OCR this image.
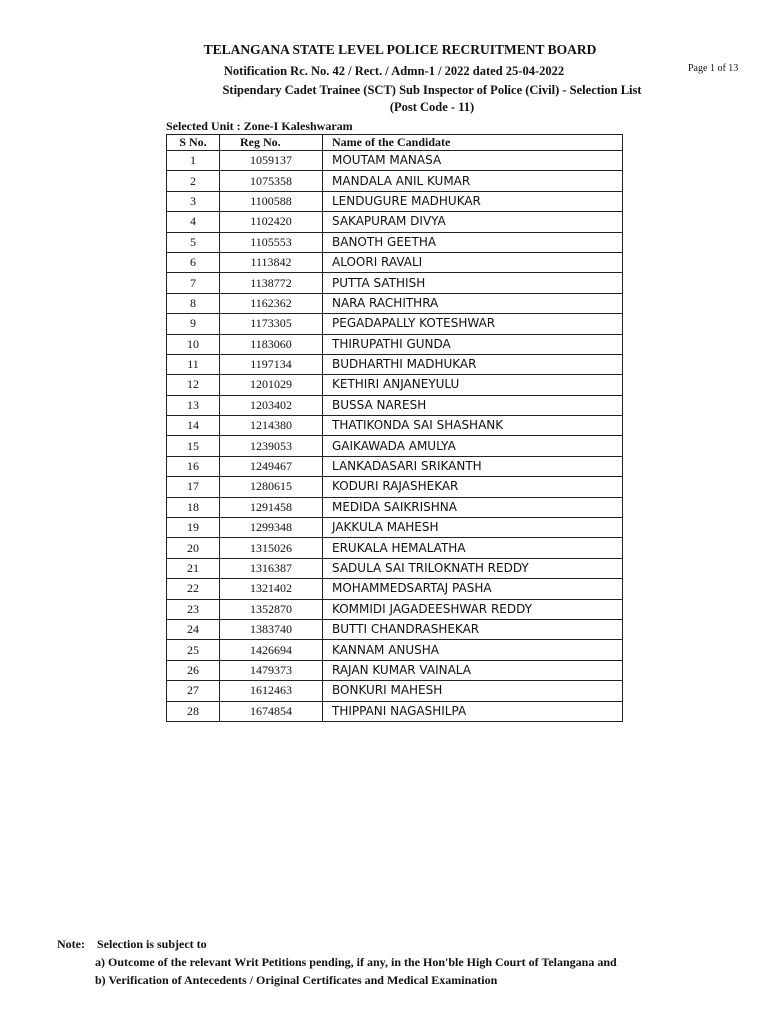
TELANGANA STATE LEVEL POLICE RECRUITMENT BOARD
Notification Rc. No. 42 / Rect. / Admn-1 / 2022 dated 25-04-2022	Page 1 of 13
Stipendary Cadet Trainee (SCT) Sub Inspector of Police (Civil) - Selection List
(Post Code - 11)
Selected Unit : Zone-I Kaleshwaram
S No.	Reg No.	Name of the Candidate
1	1059137	MOUTAM MANASA
2	1075358	MANDALA ANIL KUMAR
3	1100588	LENDUGURE MADHUKAR
4	1102420	SAKAPURAM DIVYA
5	1105553	BANOTH GEETHA
6	1113842	ALOORI RAVALI
7	1138772	PUTTA SATHISH
8	1162362	NARA RACHITHRA
9	1173305	PEGADAPALLY KOTESHWAR
10	1183060	THIRUPATHI GUNDA
11	1197134	BUDHARTHI MADHUKAR
12	1201029	KETHIRI ANJANEYULU
13	1203402	BUSSA NARESH
14	1214380	THATIKONDA SAI SHASHANK
15	1239053	GAIKAWADA AMULYA
16	1249467	LANKADASARI SRIKANTH
17	1280615	KODURI RAJASHEKAR
18	1291458	MEDIDA SAIKRISHNA
19	1299348	JAKKULA MAHESH
20	1315026	ERUKALA HEMALATHA
21	1316387	SADULA SAI TRILOKNATH REDDY
22	1321402	MOHAMMEDSARTAJ PASHA
23	1352870	KOMMIDI JAGADEESHWAR REDDY
24	1383740	BUTTI CHANDRASHEKAR
25	1426694	KANNAM ANUSHA
26	1479373	RAJAN KUMAR VAINALA
27	1612463	BONKURI MAHESH
28	1674854	THIPPANI NAGASHILPA
Note: Selection is subject to
a) Outcome of the relevant Writ Petitions pending, if any, in the Hon'ble High Court of Telangana and
b) Verification of Antecedents / Original Certificates and Medical Examination
